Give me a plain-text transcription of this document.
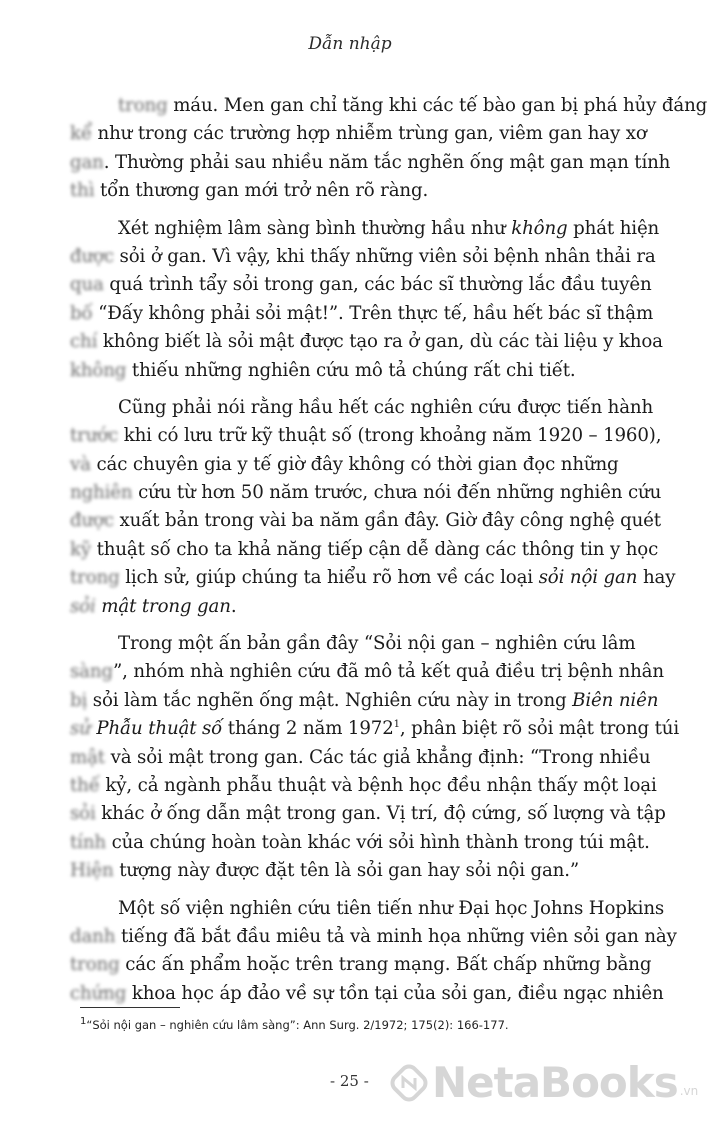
Dẫn nhập
trong máu. Men gan chỉ tăng khi các tế bào gan bị phá hủy đáng
kể như trong các trường hợp nhiễm trùng gan, viêm gan hay xơ
gan. Thường phải sau nhiều năm tắc nghẽn ống mật gan mạn tính
thì tổn thương gan mới trở nên rõ ràng.
Xét nghiệm lâm sàng bình thường hầu như không phát hiện
được sỏi ở gan. Vì vậy, khi thấy những viên sỏi bệnh nhân thải ra
qua quá trình tẩy sỏi trong gan, các bác sĩ thường lắc đầu tuyên
bố “Đấy không phải sỏi mật!”. Trên thực tế, hầu hết bác sĩ thậm
chí không biết là sỏi mật được tạo ra ở gan, dù các tài liệu y khoa
không thiếu những nghiên cứu mô tả chúng rất chi tiết.
Cũng phải nói rằng hầu hết các nghiên cứu được tiến hành
trước khi có lưu trữ kỹ thuật số (trong khoảng năm 1920 – 1960),
và các chuyên gia y tế giờ đây không có thời gian đọc những
nghiên cứu từ hơn 50 năm trước, chưa nói đến những nghiên cứu
được xuất bản trong vài ba năm gần đây. Giờ đây công nghệ quét
kỹ thuật số cho ta khả năng tiếp cận dễ dàng các thông tin y học
trong lịch sử, giúp chúng ta hiểu rõ hơn về các loại sỏi nội gan hay
sỏi mật trong gan.
Trong một ấn bản gần đây “Sỏi nội gan – nghiên cứu lâm
sàng”, nhóm nhà nghiên cứu đã mô tả kết quả điều trị bệnh nhân
bị sỏi làm tắc nghẽn ống mật. Nghiên cứu này in trong Biên niên
sử Phẫu thuật số tháng 2 năm 1972$^1$, phân biệt rõ sỏi mật trong túi
mật và sỏi mật trong gan. Các tác giả khẳng định: “Trong nhiều
thế kỷ, cả ngành phẫu thuật và bệnh học đều nhận thấy một loại
sỏi khác ở ống dẫn mật trong gan. Vị trí, độ cứng, số lượng và tập
tính của chúng hoàn toàn khác với sỏi hình thành trong túi mật.
Hiện tượng này được đặt tên là sỏi gan hay sỏi nội gan.”
Một số viện nghiên cứu tiên tiến như Đại học Johns Hopkins
danh tiếng đã bắt đầu miêu tả và minh họa những viên sỏi gan này
trong các ấn phẩm hoặc trên trang mạng. Bất chấp những bằng
chứng khoa học áp đảo về sự tồn tại của sỏi gan, điều ngạc nhiên
$^1$“Sỏi nội gan – nghiên cứu lâm sàng”: Ann Surg. 2/1972; 175(2): 166-177.
- 25 - NetaBooks .vn
